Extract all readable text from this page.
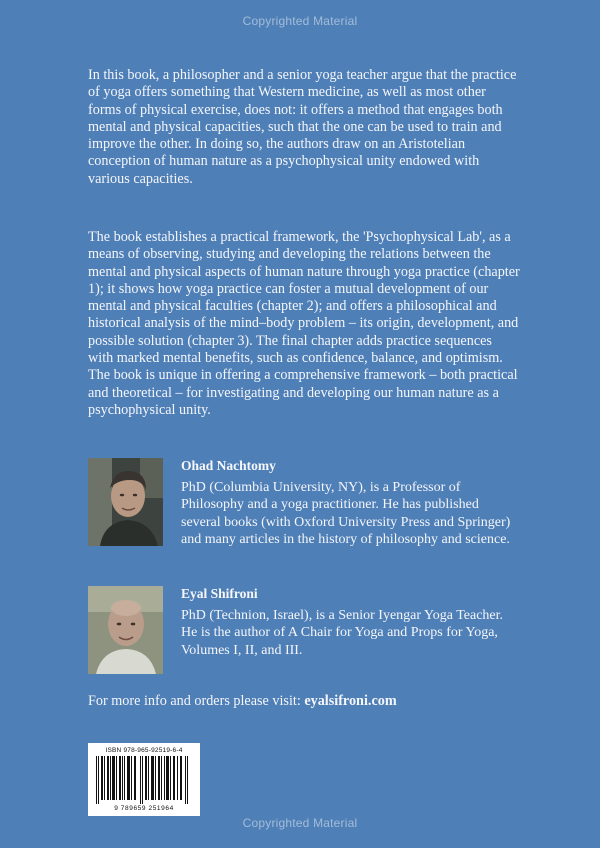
Copyrighted Material

In this book, a philosopher and a senior yoga teacher argue that the practice of yoga offers something that Western medicine, as well as most other forms of physical exercise, does not: it offers a method that engages both mental and physical capacities, such that the one can be used to train and improve the other. In doing so, the authors draw on an Aristotelian conception of human nature as a psychophysical unity endowed with various capacities.

The book establishes a practical framework, the 'Psychophysical Lab', as a means of observing, studying and developing the relations between the mental and physical aspects of human nature through yoga practice (chapter 1); it shows how yoga practice can foster a mutual development of our mental and physical faculties (chapter 2); and offers a philosophical and historical analysis of the mind–body problem – its origin, development, and possible solution (chapter 3). The final chapter adds practice sequences with marked mental benefits, such as confidence, balance, and optimism. The book is unique in offering a comprehensive framework – both practical and theoretical – for investigating and developing our human nature as a psychophysical unity.

Ohad Nachtomy

PhD (Columbia University, NY), is a Professor of Philosophy and a yoga practitioner. He has published several books (with Oxford University Press and Springer) and many articles in the history of philosophy and science.

Eyal Shifroni

PhD (Technion, Israel), is a Senior Iyengar Yoga Teacher. He is the author of A Chair for Yoga and Props for Yoga, Volumes I, II, and III.

For more info and orders please visit: eyalsifroni.com
ISBN 978-965-92519-6-4
9 789659 251964
Copyrighted Material
